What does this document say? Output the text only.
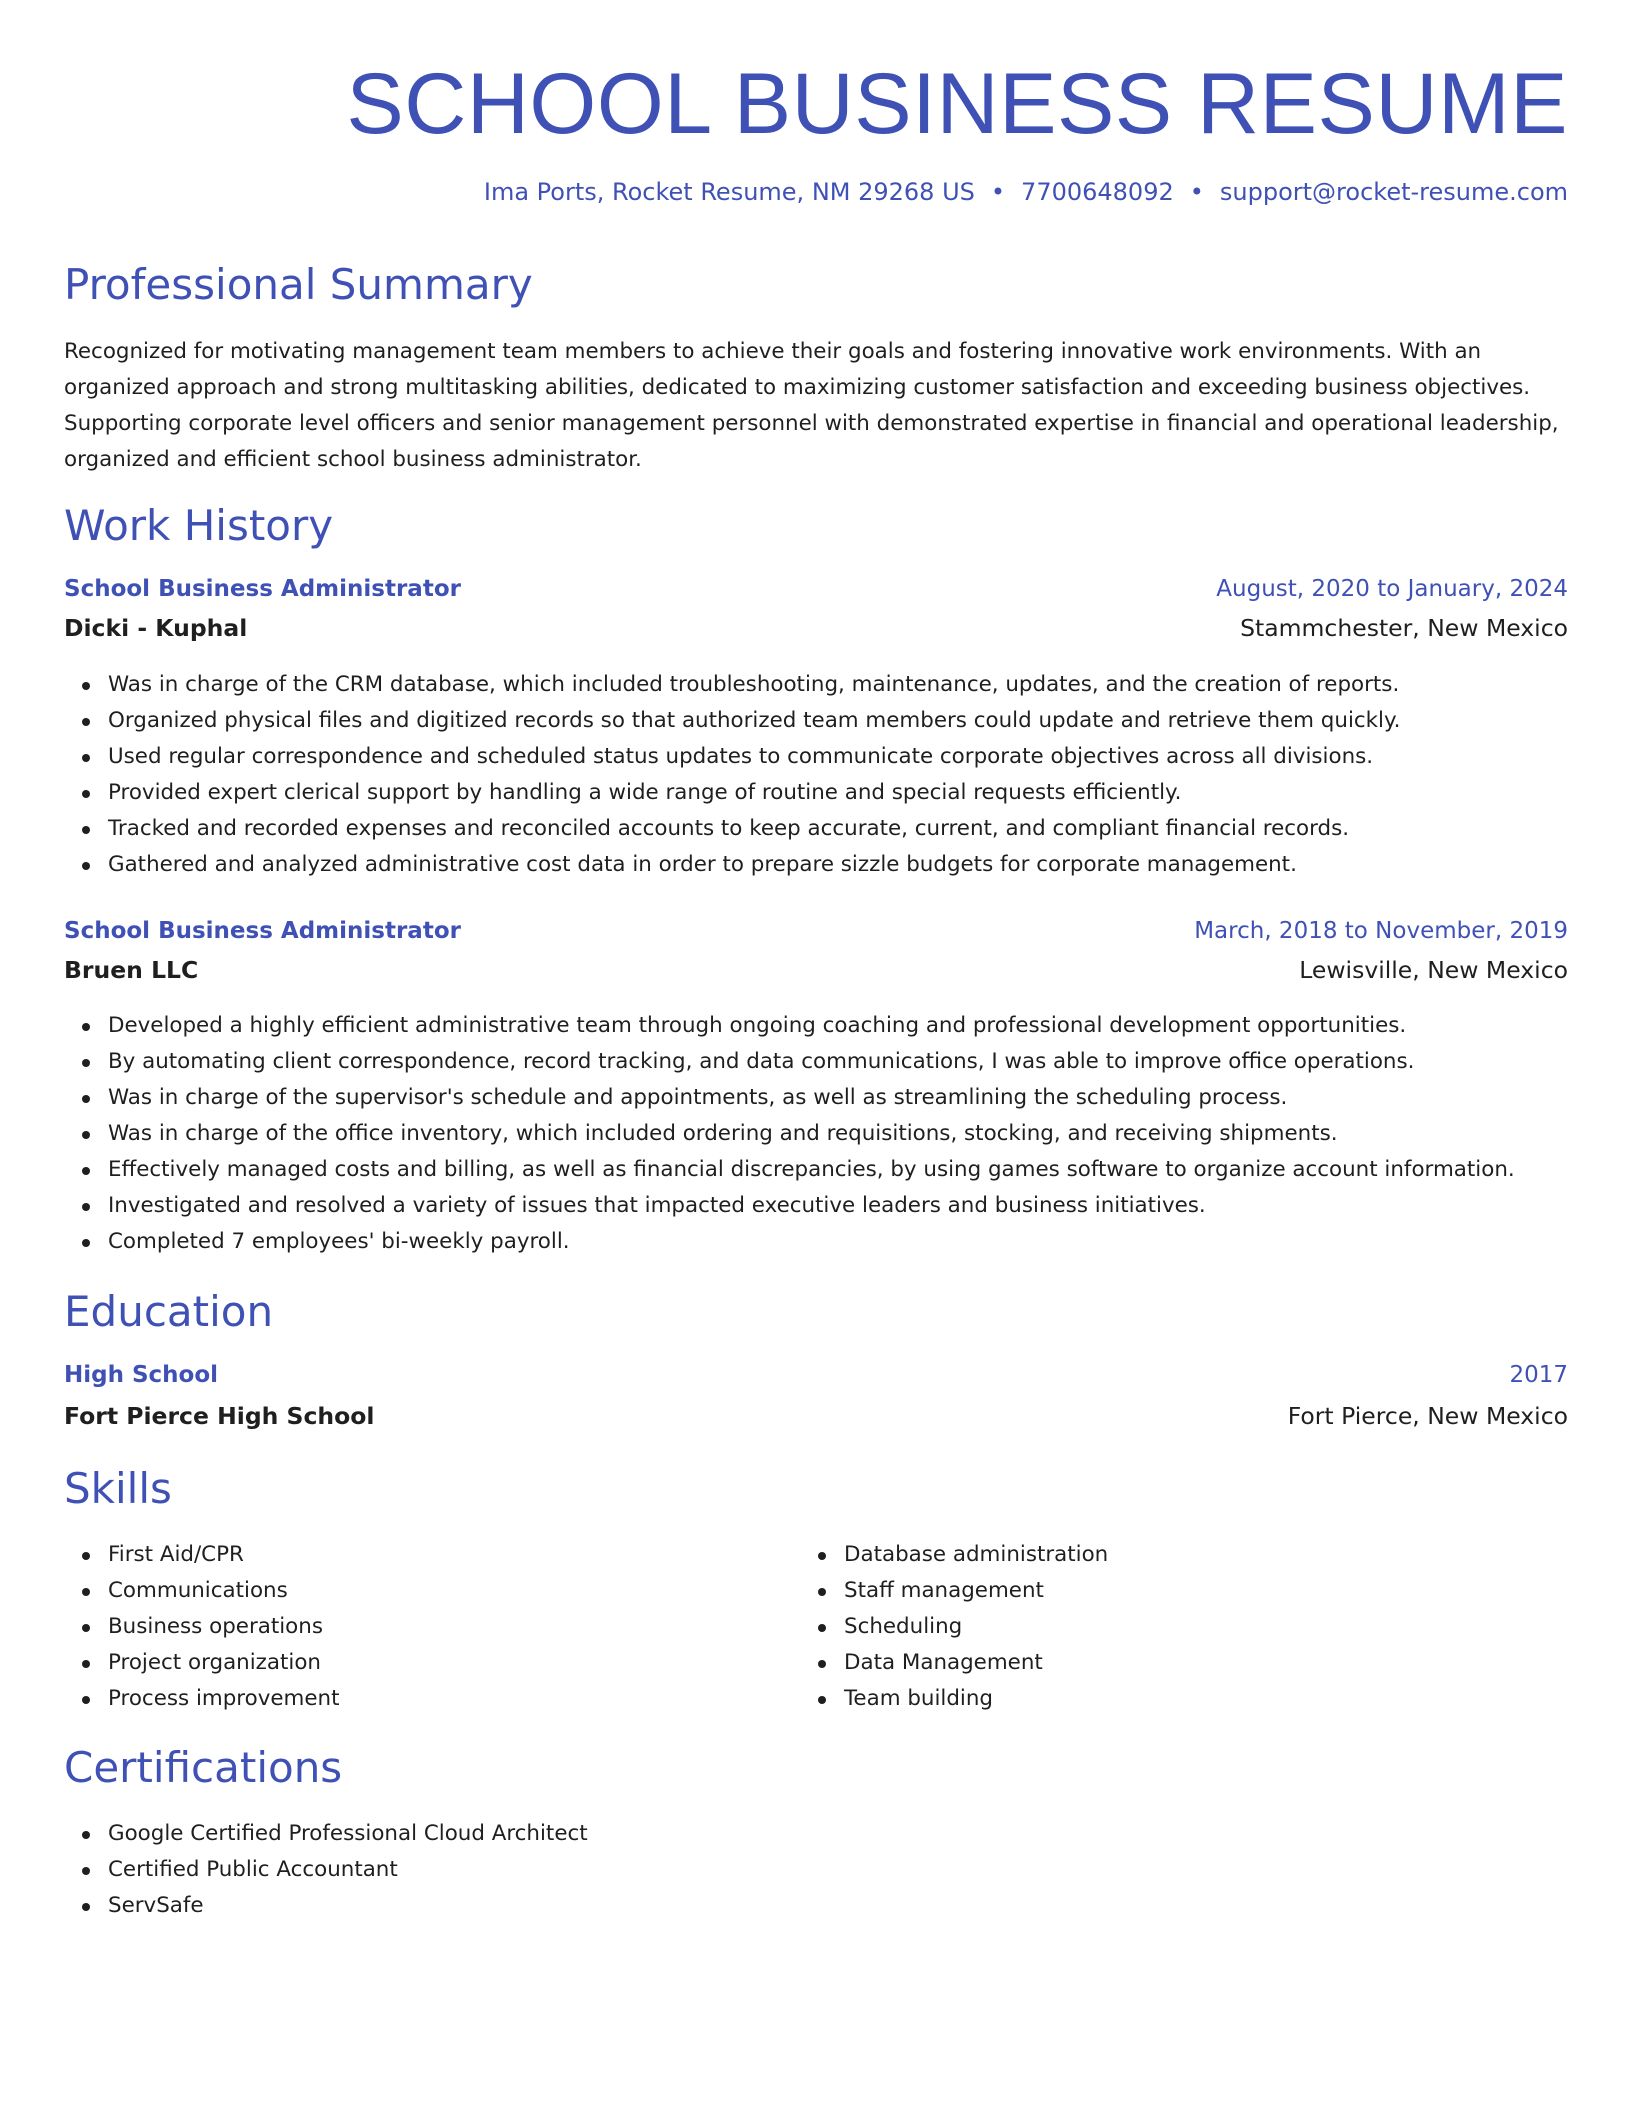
SCHOOL BUSINESS RESUME
Ima Ports, Rocket Resume, NM 29268 US • 7700648092 • support@rocket-resume.com
Professional Summary

Recognized for motivating management team members to achieve their goals and fostering innovative work environments. With an organized approach and strong multitasking abilities, dedicated to maximizing customer satisfaction and exceeding business objectives. Supporting corporate level officers and senior management personnel with demonstrated expertise in financial and operational leadership, organized and efficient school business administrator.

Work History
School Business Administrator	August, 2020 to January, 2024
Dicki - Kuphal	Stammchester, New Mexico
Was in charge of the CRM database, which included troubleshooting, maintenance, updates, and the creation of reports.
Organized physical files and digitized records so that authorized team members could update and retrieve them quickly.
Used regular correspondence and scheduled status updates to communicate corporate objectives across all divisions.
Provided expert clerical support by handling a wide range of routine and special requests efficiently.
Tracked and recorded expenses and reconciled accounts to keep accurate, current, and compliant financial records.
Gathered and analyzed administrative cost data in order to prepare sizzle budgets for corporate management.
School Business Administrator	March, 2018 to November, 2019
Bruen LLC	Lewisville, New Mexico
Developed a highly efficient administrative team through ongoing coaching and professional development opportunities.
By automating client correspondence, record tracking, and data communications, I was able to improve office operations.
Was in charge of the supervisor's schedule and appointments, as well as streamlining the scheduling process.
Was in charge of the office inventory, which included ordering and requisitions, stocking, and receiving shipments.
Effectively managed costs and billing, as well as financial discrepancies, by using games software to organize account information.
Investigated and resolved a variety of issues that impacted executive leaders and business initiatives.
Completed 7 employees' bi-weekly payroll.
Education
High School	2017
Fort Pierce High School	Fort Pierce, New Mexico
Skills
First Aid/CPR
Communications
Business operations
Project organization
Process improvement
Database administration
Staff management
Scheduling
Data Management
Team building
Certifications
Google Certified Professional Cloud Architect
Certified Public Accountant
ServSafe
